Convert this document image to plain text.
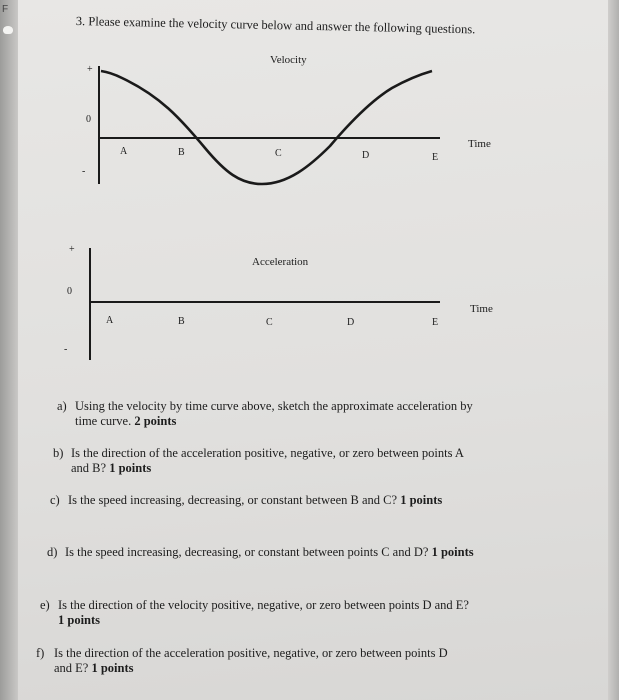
F
3. Please examine the velocity curve below and answer the following questions.
Velocity
+
0
-
Time
A	B	C	D	E
Acceleration
+
0
-
Time
A	B	C	D	E
a) Using the velocity by time curve above, sketch the approximate acceleration by
time curve. 2 points
b) Is the direction of the acceleration positive, negative, or zero between points A
and B? 1 points
c) Is the speed increasing, decreasing, or constant between B and C? 1 points
d) Is the speed increasing, decreasing, or constant between points C and D? 1 points
e) Is the direction of the velocity positive, negative, or zero between points D and E?
1 points
f) Is the direction of the acceleration positive, negative, or zero between points D
and E? 1 points
